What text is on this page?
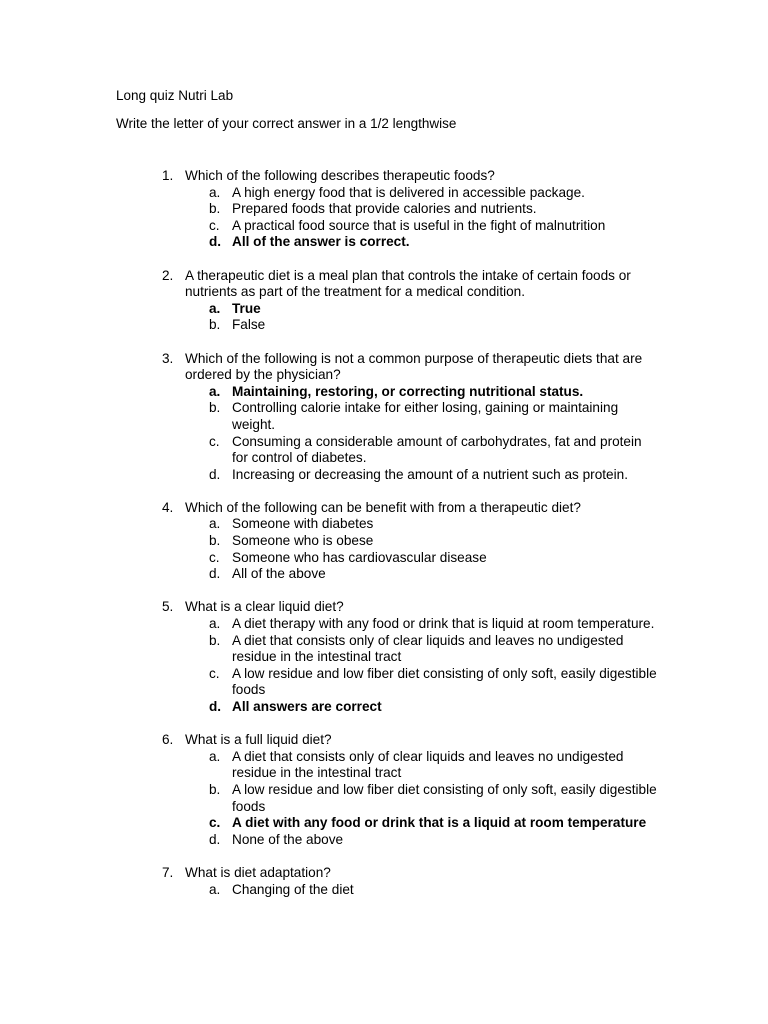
Long quiz Nutri Lab
Write the letter of your correct answer in a 1/2 lengthwise
1. Which of the following describes therapeutic foods?
a. A high energy food that is delivered in accessible package.
b. Prepared foods that provide calories and nutrients.
c. A practical food source that is useful in the fight of malnutrition
d. All of the answer is correct.
2. A therapeutic diet is a meal plan that controls the intake of certain foods or nutrients as part of the treatment for a medical condition.
a. True
b. False
3. Which of the following is not a common purpose of therapeutic diets that are ordered by the physician?
a. Maintaining, restoring, or correcting nutritional status.
b. Controlling calorie intake for either losing, gaining or maintaining weight.
c. Consuming a considerable amount of carbohydrates, fat and protein for control of diabetes.
d. Increasing or decreasing the amount of a nutrient such as protein.
4. Which of the following can be benefit with from a therapeutic diet?
a. Someone with diabetes
b. Someone who is obese
c. Someone who has cardiovascular disease
d. All of the above
5. What is a clear liquid diet?
a. A diet therapy with any food or drink that is liquid at room temperature.
b. A diet that consists only of clear liquids and leaves no undigested residue in the intestinal tract
c. A low residue and low fiber diet consisting of only soft, easily digestible foods
d. All answers are correct
6. What is a full liquid diet?
a. A diet that consists only of clear liquids and leaves no undigested residue in the intestinal tract
b. A low residue and low fiber diet consisting of only soft, easily digestible foods
c. A diet with any food or drink that is a liquid at room temperature
d. None of the above
7. What is diet adaptation?
a. Changing of the diet
